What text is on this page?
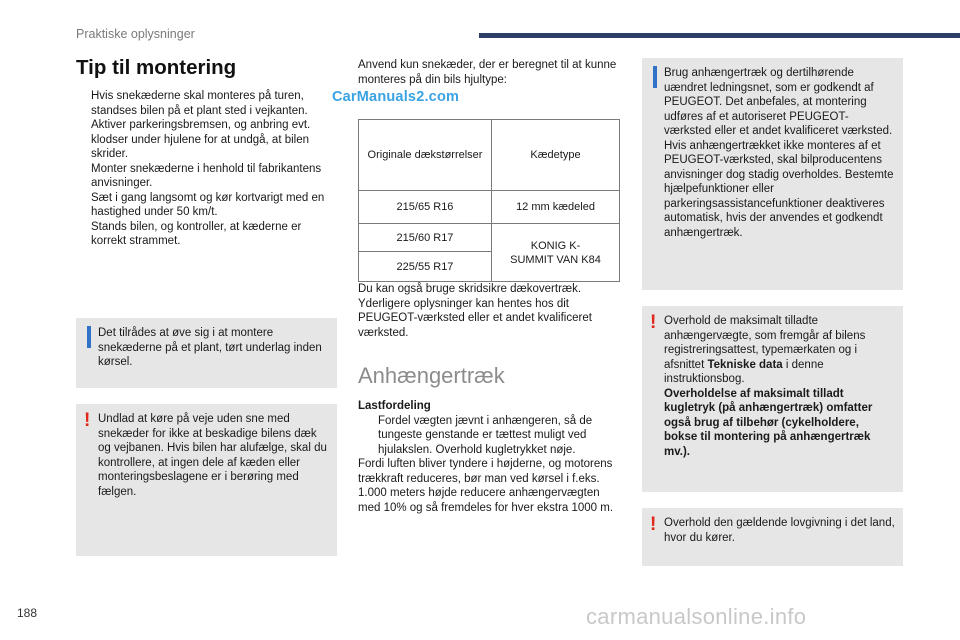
Praktiske oplysninger
CarManuals2.com
Tip til montering
Hvis snekæderne skal monteres på turen, standses bilen på et plant sted i vejkanten.
Aktiver parkeringsbremsen, og anbring evt. klodser under hjulene for at undgå, at bilen skrider.
Monter snekæderne i henhold til fabrikantens anvisninger.
Sæt i gang langsomt og kør kortvarigt med en hastighed under 50 km/t.
Stands bilen, og kontroller, at kæderne er korrekt strammet.
Det tilrådes at øve sig i at montere snekæderne på et plant, tørt underlag inden kørsel.
! Undlad at køre på veje uden sne med snekæder for ikke at beskadige bilens dæk og vejbanen. Hvis bilen har alufælge, skal du kontrollere, at ingen dele af kæden eller monteringsbeslagene er i berøring med fælgen.
Anvend kun snekæder, der er beregnet til at kunne monteres på din bils hjultype:
Originale dækstørrelser	Kædetype
215/65 R16	12 mm kædeled
215/60 R17	KONIG K-SUMMIT VAN K84
225/55 R17	
Du kan også bruge skridsikre dækovertræk. Yderligere oplysninger kan hentes hos dit PEUGEOT-værksted eller et andet kvalificeret værksted.
Anhængertræk
Lastfordeling
Fordel vægten jævnt i anhængeren, så de tungeste genstande er tættest muligt ved hjulakslen. Overhold kugletrykket nøje.
Fordi luften bliver tyndere i højderne, og motorens trækkraft reduceres, bør man ved kørsel i f.eks. 1.000 meters højde reducere anhængervægten med 10% og så fremdeles for hver ekstra 1000 m.
Brug anhængertræk og dertilhørende uændret ledningsnet, som er godkendt af PEUGEOT. Det anbefales, at montering udføres af et autoriseret PEUGEOT-værksted eller et andet kvalificeret værksted.
Hvis anhængertrækket ikke monteres af et PEUGEOT-værksted, skal bilproducentens anvisninger dog stadig overholdes. Bestemte hjælpefunktioner eller parkeringsassistancefunktioner deaktiveres automatisk, hvis der anvendes et godkendt anhængertræk.
! Overhold de maksimalt tilladte anhængervægte, som fremgår af bilens registreringsattest, typemærkaten og i afsnittet Tekniske data i denne instruktionsbog.
Overholdelse af maksimalt tilladt kugletryk (på anhængertræk) omfatter også brug af tilbehør (cykelholdere, bokse til montering på anhængertræk mv.).
! Overhold den gældende lovgivning i det land, hvor du kører.
188	carmanualsonline.info
